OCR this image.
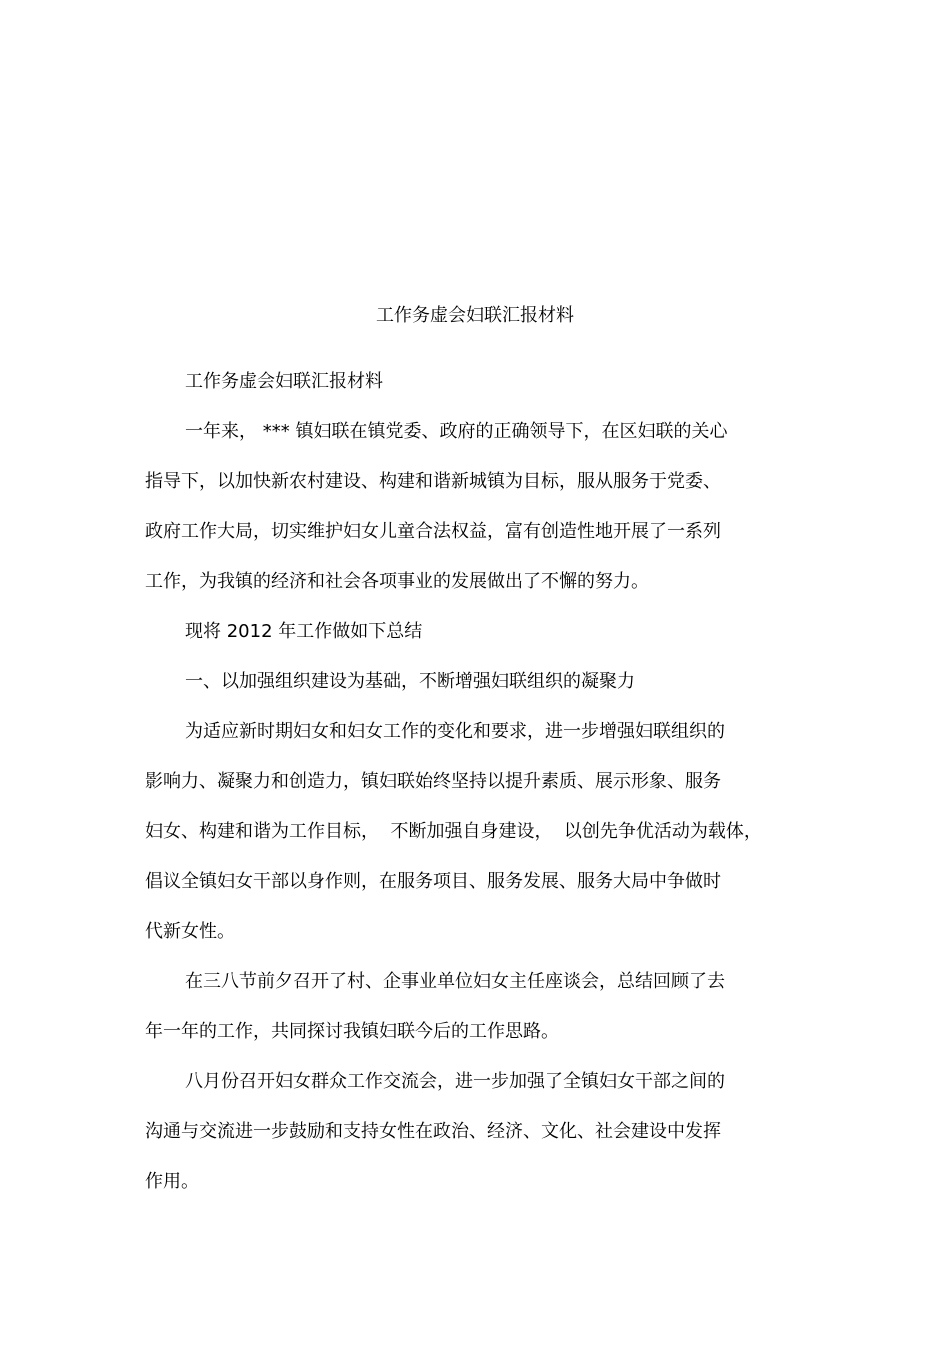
工作务虚会妇联汇报材料
工作务虚会妇联汇报材料
一年来， *** 镇妇联在镇党委、政府的正确领导下，在区妇联的关心
指导下，以加快新农村建设、构建和谐新城镇为目标，服从服务于党委、
政府工作大局，切实维护妇女儿童合法权益，富有创造性地开展了一系列
工作，为我镇的经济和社会各项事业的发展做出了不懈的努力。
现将 2012 年工作做如下总结
一、以加强组织建设为基础，不断增强妇联组织的凝聚力
为适应新时期妇女和妇女工作的变化和要求，进一步增强妇联组织的
影响力、凝聚力和创造力，镇妇联始终坚持以提升素质、展示形象、服务
妇女、构建和谐为工作目标，  不断加强自身建设，  以创先争优活动为载体，
倡议全镇妇女干部以身作则，在服务项目、服务发展、服务大局中争做时
代新女性。
在三八节前夕召开了村、企事业单位妇女主任座谈会，总结回顾了去
年一年的工作，共同探讨我镇妇联今后的工作思路。
八月份召开妇女群众工作交流会，进一步加强了全镇妇女干部之间的
沟通与交流进一步鼓励和支持女性在政治、经济、文化、社会建设中发挥
作用。
